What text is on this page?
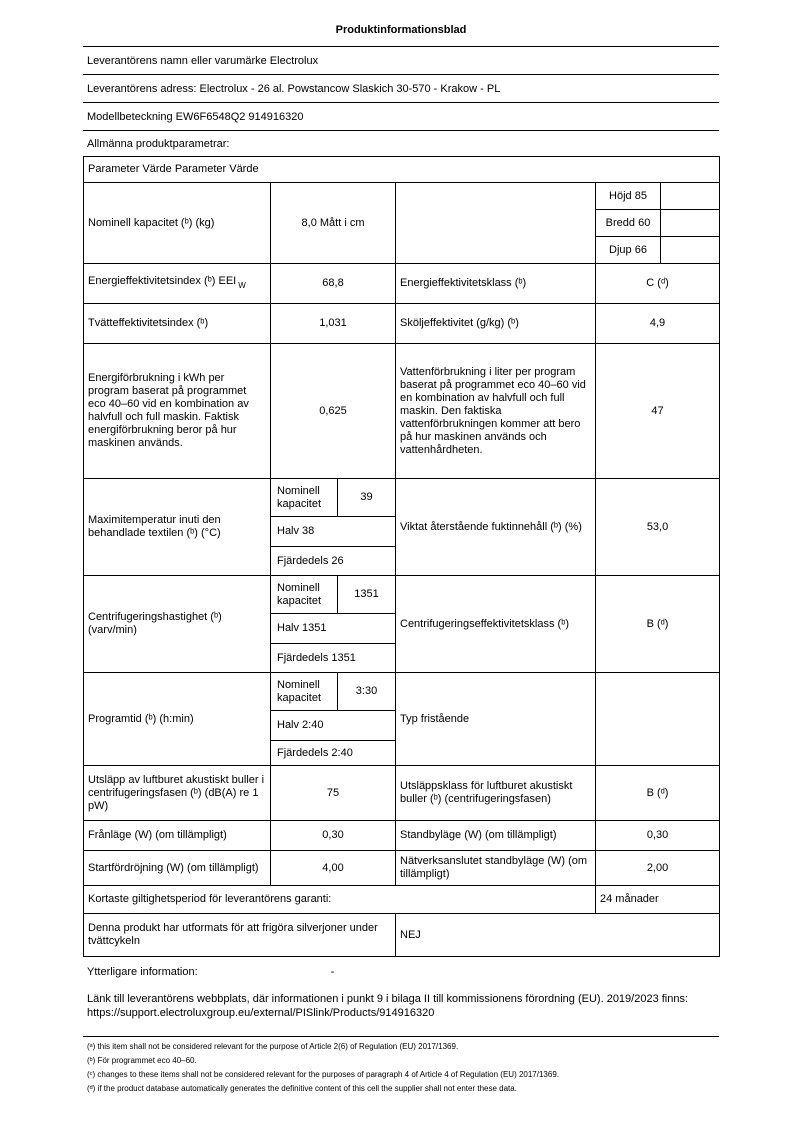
Produktinformationsblad
Leverantörens namn eller varumärke Electrolux
Leverantörens adress: Electrolux - 26 al. Powstancow Slaskich 30-570 - Krakow - PL
Modellbeteckning EW6F6548Q2 914916320
Allmänna produktparametrar:
Parameter Värde Parameter Värde					
Nominell kapacitet (ᵇ) (kg)	8,0 Mått i cm			Höjd 85	
				Bredd 60	
				Djup 66	
Energieffektivitetsindex (ᵇ) EEI $_W$	68,8		Energieffektivitetsklass (ᵇ)	C (ᵈ)	
Tvätteffektivitetsindex (ᵇ)	1,031		Sköljeffektivitet (g/kg) (ᵇ)	4,9	
Energiförbrukning i kWh per program baserat på programmet eco 40–60 vid en kombination av halvfull och full maskin. Faktisk energiförbrukning beror på hur maskinen används.	0,625		Vattenförbrukning i liter per program baserat på programmet eco 40–60 vid en kombination av halvfull och full maskin. Den faktiska vattenförbrukningen kommer att bero på hur maskinen används och vattenhårdheten.	47	
Maximitemperatur inuti den behandlade textilen (ᵇ) (°C)	Nominell kapacitet	39	Viktat återstående fuktinnehåll (ᵇ) (%)	53,0	
	Halv 38				
	Fjärdedels 26				
Centrifugeringshastighet (ᵇ) (varv/min)	Nominell kapacitet	1351	Centrifugeringseffektivitetsklass (ᵇ)	B (ᵈ)	
	Halv 1351				
	Fjärdedels 1351				
Programtid (ᵇ) (h:min)	Nominell kapacitet	3:30	Typ fristående		
	Halv 2:40				
	Fjärdedels 2:40				
Utsläpp av luftburet akustiskt buller i centrifugeringsfasen (ᵇ) (dB(A) re 1 pW)	75		Utsläppsklass för luftburet akustiskt buller (ᵇ) (centrifugeringsfasen)	B (ᵈ)	
Frånläge (W) (om tillämpligt)	0,30		Standbyläge (W) (om tillämpligt)	0,30	
Startfördröjning (W) (om tillämpligt)	4,00		Nätverksanslutet standbyläge (W) (om tillämpligt)	2,00	
Kortaste giltighetsperiod för leverantörens garanti:				24 månader	
Denna produkt har utformats för att frigöra silverjoner under tvättcykeln			NEJ		
Ytterligare information:	-
Länk till leverantörens webbplats, där informationen i punkt 9 i bilaga II till kommissionens förordning (EU). 2019/2023 finns:
https://support.electroluxgroup.eu/external/PISlink/Products/914916320
(ᵃ) this item shall not be considered relevant for the purpose of Article 2(6) of Regulation (EU) 2017/1369.
(ᵇ) För programmet eco 40–60.
(ᶜ) changes to these items shall not be considered relevant for the purposes of paragraph 4 of Article 4 of Regulation (EU) 2017/1369.
(ᵈ) if the product database automatically generates the definitive content of this cell the supplier shall not enter these data.
